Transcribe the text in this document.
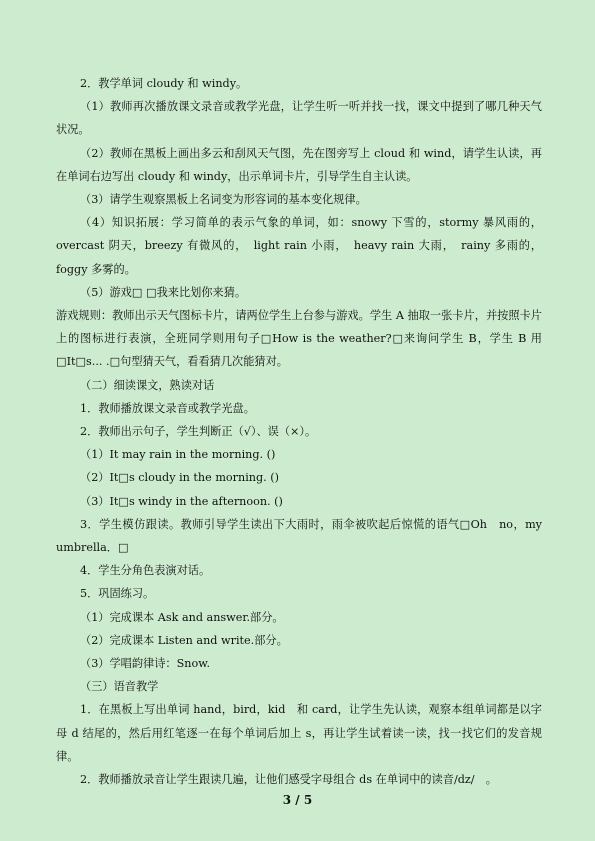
2．教学单词 cloudy 和 windy。

（1）教师再次播放课文录音或教学光盘，让学生听一听并找一找，课文中提到了哪几种天气状况。

（2）教师在黑板上画出多云和刮风天气图，先在图旁写上 cloud 和 wind，请学生认读，再在单词右边写出 cloudy 和 windy，出示单词卡片，引导学生自主认读。

（3）请学生观察黑板上名词变为形容词的基本变化规律。

（4）知识拓展：学习简单的表示气象的单词，如：snowy 下雪的，stormy 暴风雨的，overcast 阴天，breezy 有微风的，　light rain 小雨，　heavy rain 大雨，　rainy 多雨的，foggy 多雾的。

（5）游戏□ □我来比划你来猜。

游戏规则：教师出示天气图标卡片，请两位学生上台参与游戏。学生 A 抽取一张卡片，并按照卡片上的图标进行表演，全班同学则用句子□How is the weather?□来询问学生 B，学生 B 用□It□s... .□句型猜天气，看看猜几次能猜对。

（二）细读课文，熟读对话

1．教师播放课文录音或教学光盘。

2．教师出示句子，学生判断正（√）、误（×）。

（1）It may rain in the morning. ()

（2）It□s cloudy in the morning. ()

（3）It□s windy in the afternoon. ()

3．学生模仿跟读。教师引导学生读出下大雨时，雨伞被吹起后惊慌的语气□Oh　no，my umbrella．□

4．学生分角色表演对话。

5．巩固练习。

（1）完成课本 Ask and answer.部分。

（2）完成课本 Listen and write.部分。

（3）学唱韵律诗：Snow.

（三）语音教学

1．在黑板上写出单词 hand，bird，kid　和 card，让学生先认读，观察本组单词都是以字母 d 结尾的，然后用红笔逐一在每个单词后加上 s，再让学生试着读一读，找一找它们的发音规律。

2．教师播放录音让学生跟读几遍，让他们感受字母组合 ds 在单词中的读音/dz/　。

3 / 5
